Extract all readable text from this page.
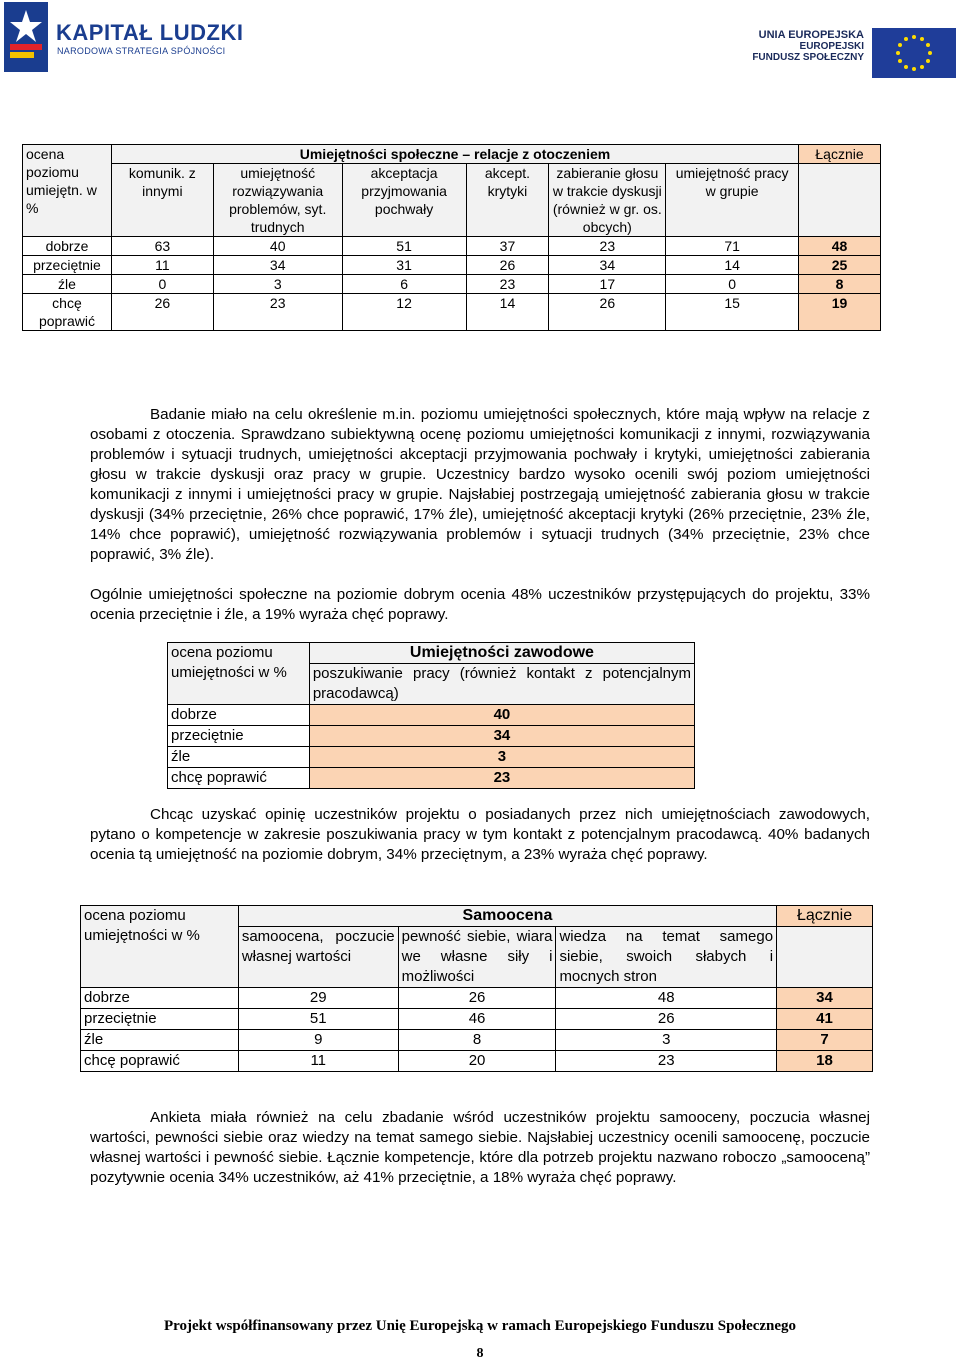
KAPITAŁ LUDZKI
NARODOWA STRATEGIA SPÓJNOŚCI
UNIA EUROPEJSKA
EUROPEJSKI
FUNDUSZ SPOŁECZNY
ocena poziomu umiejętn. w %	Umiejętności społeczne – relacje z otoczeniem						Łącznie
	komunik. z innymi	umiejętność rozwiązywania problemów, syt. trudnych	akceptacja przyjmowania pochwały	akcept. krytyki	zabieranie głosu w trakcie dyskusji (również w gr. os. obcych)	umiejętność pracy w grupie	
dobrze	63	40	51	37	23	71	48
przeciętnie	11	34	31	26	34	14	25
źle	0	3	6	23	17	0	8
chcę poprawić	26	23	12	14	26	15	19

Badanie miało na celu określenie m.in. poziomu umiejętności społecznych, które mają wpływ na relacje z osobami z otoczenia. Sprawdzano subiektywną ocenę poziomu umiejętności komunikacji z innymi, rozwiązywania problemów i sytuacji trudnych, umiejętności akceptacji przyjmowania pochwały i krytyki, umiejętności zabierania głosu w trakcie dyskusji oraz pracy w grupie. Uczestnicy bardzo wysoko ocenili swój poziom umiejętności komunikacji z innymi i umiejętności pracy w grupie. Najsłabiej postrzegają umiejętność zabierania głosu w trakcie dyskusji (34% przeciętnie, 26% chce poprawić, 17% źle), umiejętność akceptacji krytyki (26% przeciętnie, 23% źle, 14% chce poprawić), umiejętność rozwiązywania problemów i sytuacji trudnych (34% przeciętnie, 23% chce poprawić, 3% źle).

Ogólnie umiejętności społeczne na poziomie dobrym ocenia 48% uczestników przystępujących do projektu, 33% ocenia przeciętnie i źle, a 19% wyraża chęć poprawy.

ocena poziomu umiejętności w %	Umiejętności zawodowe
	poszukiwanie pracy (również kontakt z potencjalnym pracodawcą)
dobrze	40
przeciętnie	34
źle	3
chcę poprawić	23

Chcąc uzyskać opinię uczestników projektu o posiadanych przez nich umiejętnościach zawodowych, pytano o kompetencje w zakresie poszukiwania pracy w tym kontakt z potencjalnym pracodawcą. 40% badanych ocenia tą umiejętność na poziomie dobrym, 34% przeciętnym, a 23% wyraża chęć poprawy.

ocena poziomu umiejętności w %	Samoocena			Łącznie
	samoocena, poczucie własnej wartości	pewność siebie, wiara we własne siły i możliwości	wiedza na temat samego siebie, swoich słabych i mocnych stron	
dobrze	29	26	48	34
przeciętnie	51	46	26	41
źle	9	8	3	7
chcę poprawić	11	20	23	18

Ankieta miała również na celu zbadanie wśród uczestników projektu samooceny, poczucia własnej wartości, pewności siebie oraz wiedzy na temat samego siebie. Najsłabiej uczestnicy ocenili samoocenę, poczucie własnej wartości i pewność siebie. Łącznie kompetencje, które dla potrzeb projektu nazwano roboczo „samooceną” pozytywnie ocenia 34% uczestników, aż 41% przeciętnie, a 18% wyraża chęć poprawy.

Projekt współfinansowany przez Unię Europejską w ramach Europejskiego Funduszu Społecznego
8
